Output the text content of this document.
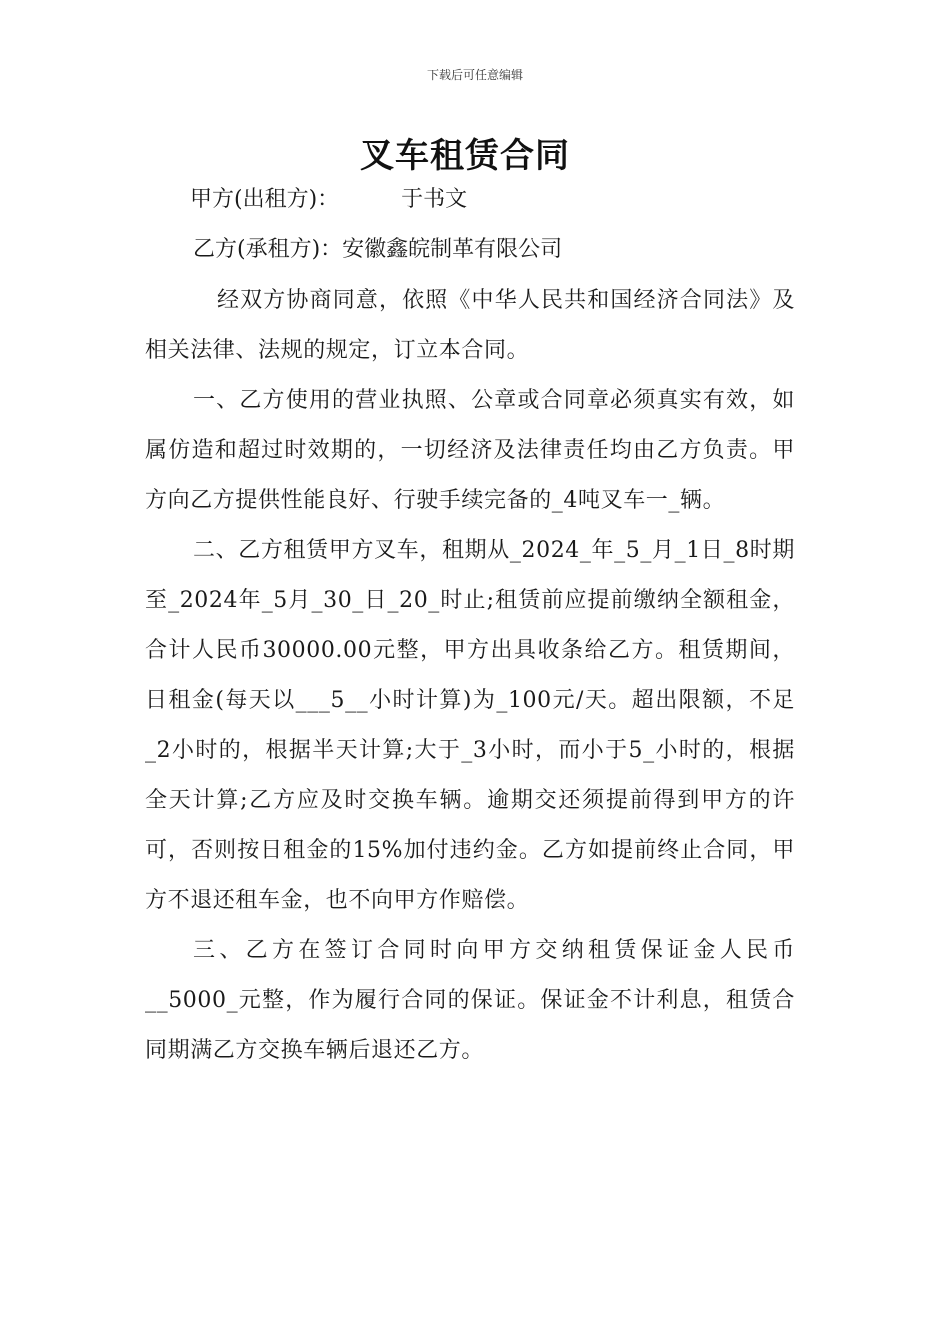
下载后可任意编辑
叉车租赁合同
甲方(出租方)：	于书文
乙方(承租方)：安徽鑫皖制革有限公司

经双方协商同意，依照《中华人民共和国经济合同法》及相关法律、法规的规定，订立本合同。

一、乙方使用的营业执照、公章或合同章必须真实有效，如属仿造和超过时效期的，一切经济及法律责任均由乙方负责。甲方向乙方提供性能良好、行驶手续完备的_4吨叉车一_辆。

二、乙方租赁甲方叉车，租期从_2024_年_5_月_1日_8时期至_2024年_5月_30_日_20_时止;租赁前应提前缴纳全额租金，合计人民币30000.00元整，甲方出具收条给乙方。租赁期间，日租金(每天以___5__小时计算)为_100元/天。超出限额，不足_2小时的，根据半天计算;大于_3小时，而小于5_小时的，根据全天计算;乙方应及时交换车辆。逾期交还须提前得到甲方的许可，否则按日租金的15%加付违约金。乙方如提前终止合同，甲方不退还租车金，也不向甲方作赔偿。

三、乙方在签订合同时向甲方交纳租赁保证金人民币__5000_元整，作为履行合同的保证。保证金不计利息，租赁合同期满乙方交换车辆后退还乙方。
